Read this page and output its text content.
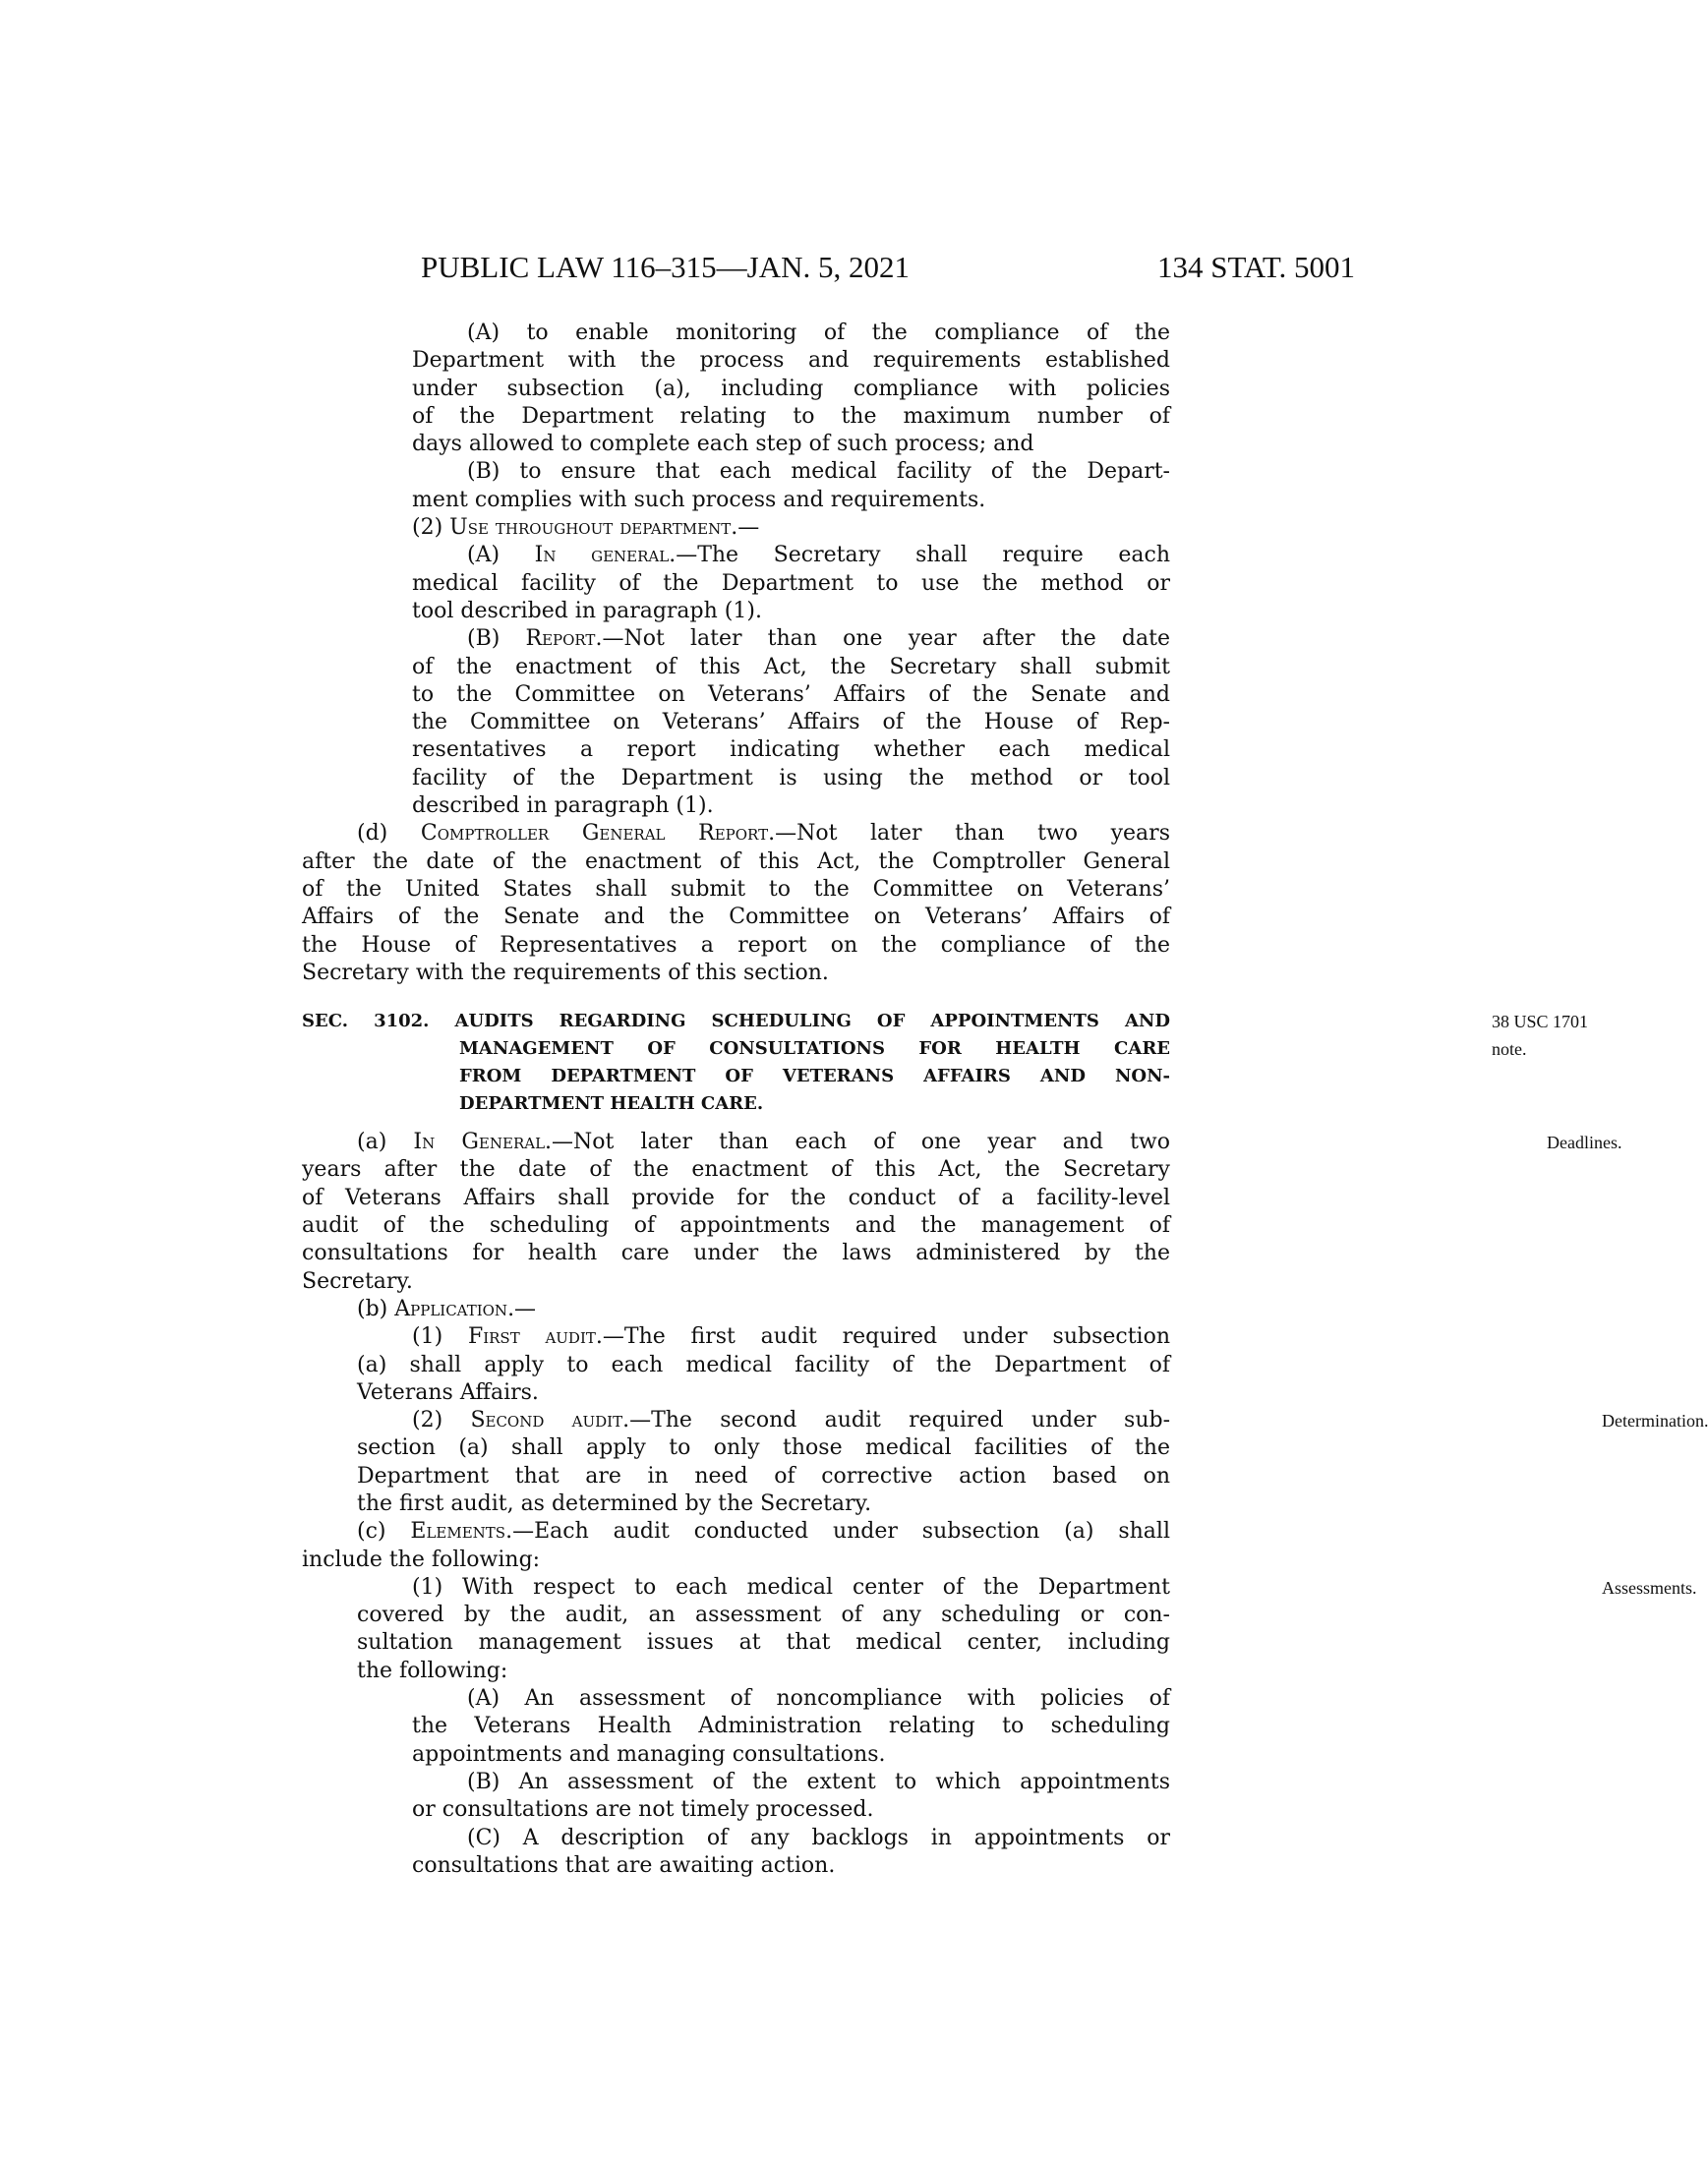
PUBLIC LAW 116–315—JAN. 5, 2021	134 STAT. 5001
(A) to enable monitoring of the compliance of the
Department with the process and requirements established
under subsection (a), including compliance with policies
of the Department relating to the maximum number of
days allowed to complete each step of such process; and
(B) to ensure that each medical facility of the Depart-
ment complies with such process and requirements.
(2) Use throughout department.—
(A) In general.—The Secretary shall require each
medical facility of the Department to use the method or
tool described in paragraph (1).
(B) Report.—Not later than one year after the date
of the enactment of this Act, the Secretary shall submit
to the Committee on Veterans’ Affairs of the Senate and
the Committee on Veterans’ Affairs of the House of Rep-
resentatives a report indicating whether each medical
facility of the Department is using the method or tool
described in paragraph (1).
(d) Comptroller General Report.—Not later than two years
after the date of the enactment of this Act, the Comptroller General
of the United States shall submit to the Committee on Veterans’
Affairs of the Senate and the Committee on Veterans’ Affairs of
the House of Representatives a report on the compliance of the
Secretary with the requirements of this section.
SEC. 3102. AUDITS REGARDING SCHEDULING OF APPOINTMENTS AND	38 USC 1701
note.
MANAGEMENT OF CONSULTATIONS FOR HEALTH CARE
FROM DEPARTMENT OF VETERANS AFFAIRS AND NON-
DEPARTMENT HEALTH CARE.
(a) In General.—Not later than each of one year and two	Deadlines.
years after the date of the enactment of this Act, the Secretary
of Veterans Affairs shall provide for the conduct of a facility-level
audit of the scheduling of appointments and the management of
consultations for health care under the laws administered by the
Secretary.
(b) Application.—
(1) First audit.—The first audit required under subsection
(a) shall apply to each medical facility of the Department of
Veterans Affairs.
(2) Second audit.—The second audit required under sub-	Determination.
section (a) shall apply to only those medical facilities of the
Department that are in need of corrective action based on
the first audit, as determined by the Secretary.
(c) Elements.—Each audit conducted under subsection (a) shall
include the following:
(1) With respect to each medical center of the Department	Assessments.
covered by the audit, an assessment of any scheduling or con-
sultation management issues at that medical center, including
the following:
(A) An assessment of noncompliance with policies of
the Veterans Health Administration relating to scheduling
appointments and managing consultations.
(B) An assessment of the extent to which appointments
or consultations are not timely processed.
(C) A description of any backlogs in appointments or
consultations that are awaiting action.
